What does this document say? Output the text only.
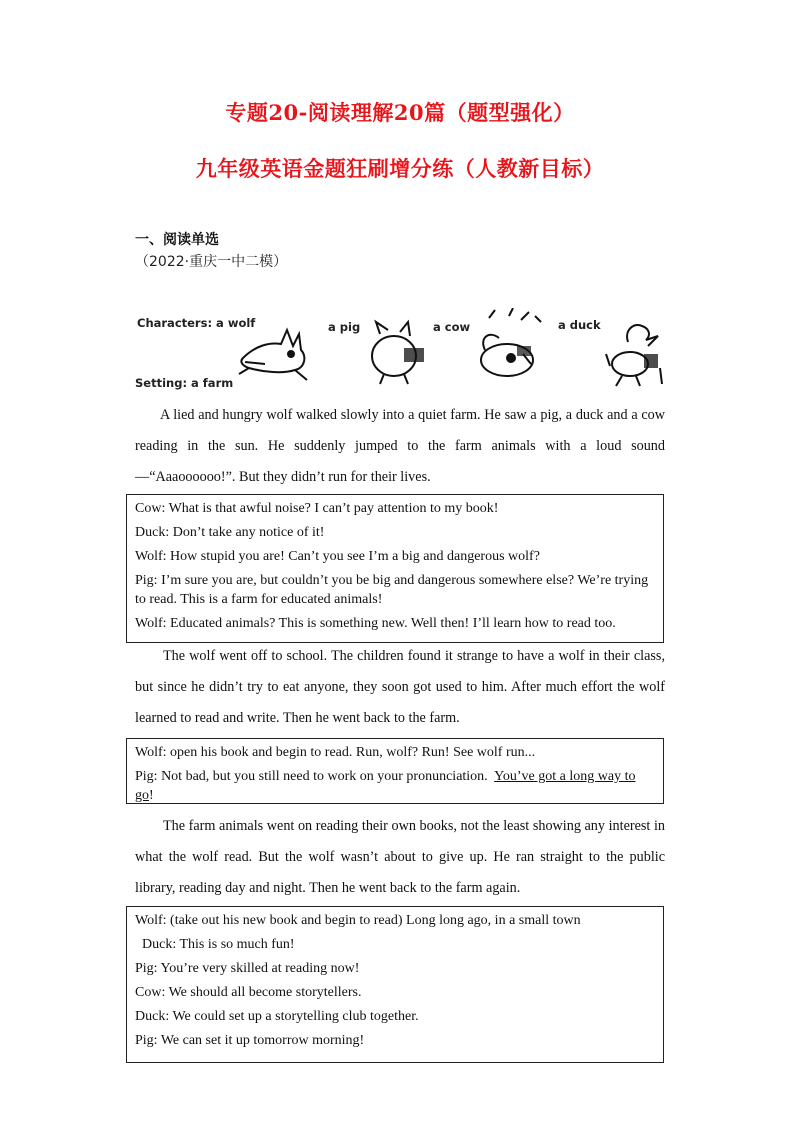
专题20-阅读理解20篇（题型强化）
九年级英语金题狂刷增分练（人教新目标）
一、阅读单选
（2022·重庆一中二模）
Characters: a wolf
Setting: a farm
a pig	a cow	a duck

A lied and hungry wolf walked slowly into a quiet farm. He saw a pig, a duck and a cow reading in the sun. He suddenly jumped to the farm animals with a loud sound—“Aaaoooooo!”. But they didn’t run for their lives.

Cow: What is that awful noise? I can’t pay attention to my book!

Duck: Don’t take any notice of it!

Wolf: How stupid you are! Can’t you see I’m a big and dangerous wolf?

Pig: I’m sure you are, but couldn’t you be big and dangerous somewhere else? We’re trying to read. This is a farm for educated animals!

Wolf: Educated animals? This is something new. Well then! I’ll learn how to read too.

The wolf went off to school. The children found it strange to have a wolf in their class, but since he didn’t try to eat anyone, they soon got used to him. After much effort the wolf learned to read and write. Then he went back to the farm.

Wolf: open his book and begin to read. Run, wolf? Run! See wolf run...

Pig: Not bad, but you still need to work on your pronunciation.  You’ve got a long way to go!

The farm animals went on reading their own books, not the least showing any interest in what the wolf read. But the wolf wasn’t about to give up. He ran straight to the public library, reading day and night. Then he went back to the farm again.

Wolf: (take out his new book and begin to read) Long long ago, in a small town

Duck: This is so much fun!

Pig: You’re very skilled at reading now!

Cow: We should all become storytellers.

Duck: We could set up a storytelling club together.

Pig: We can set it up tomorrow morning!
